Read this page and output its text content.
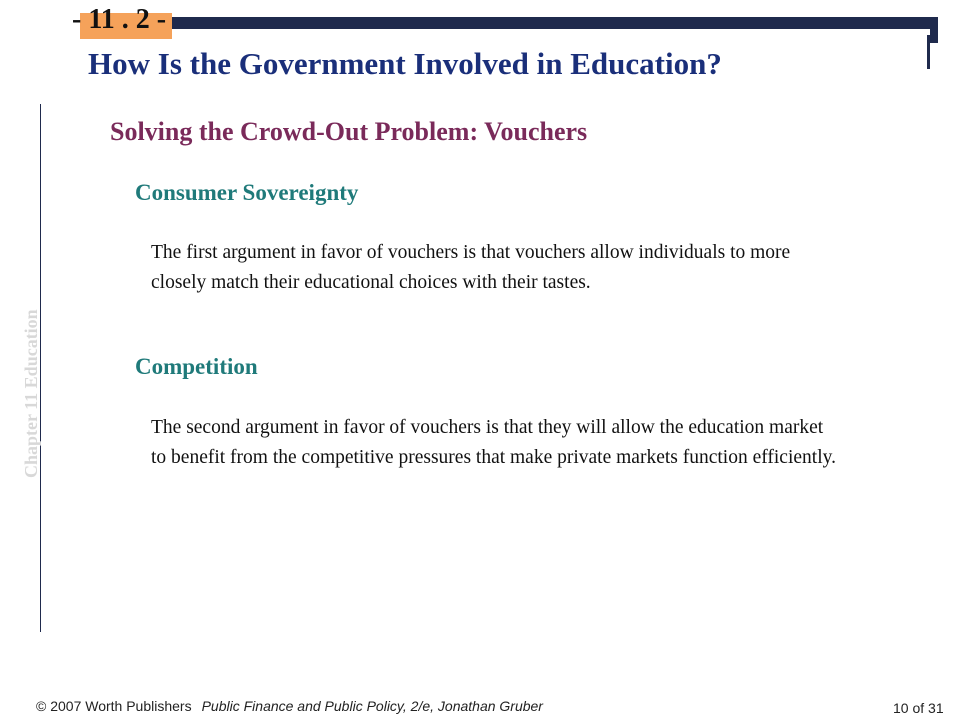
- 11 . 2 -
How Is the Government Involved in Education?
Chapter 11 Education
Solving the Crowd-Out Problem: Vouchers
Consumer Sovereignty
The first argument in favor of vouchers is that vouchers allow individuals to more closely match their educational choices with their tastes.
Competition
The second argument in favor of vouchers is that they will allow the education market to benefit from the competitive pressures that make private markets function efficiently.
© 2007 Worth Publishers Public Finance and Public Policy, 2/e, Jonathan Gruber	10 of 31
